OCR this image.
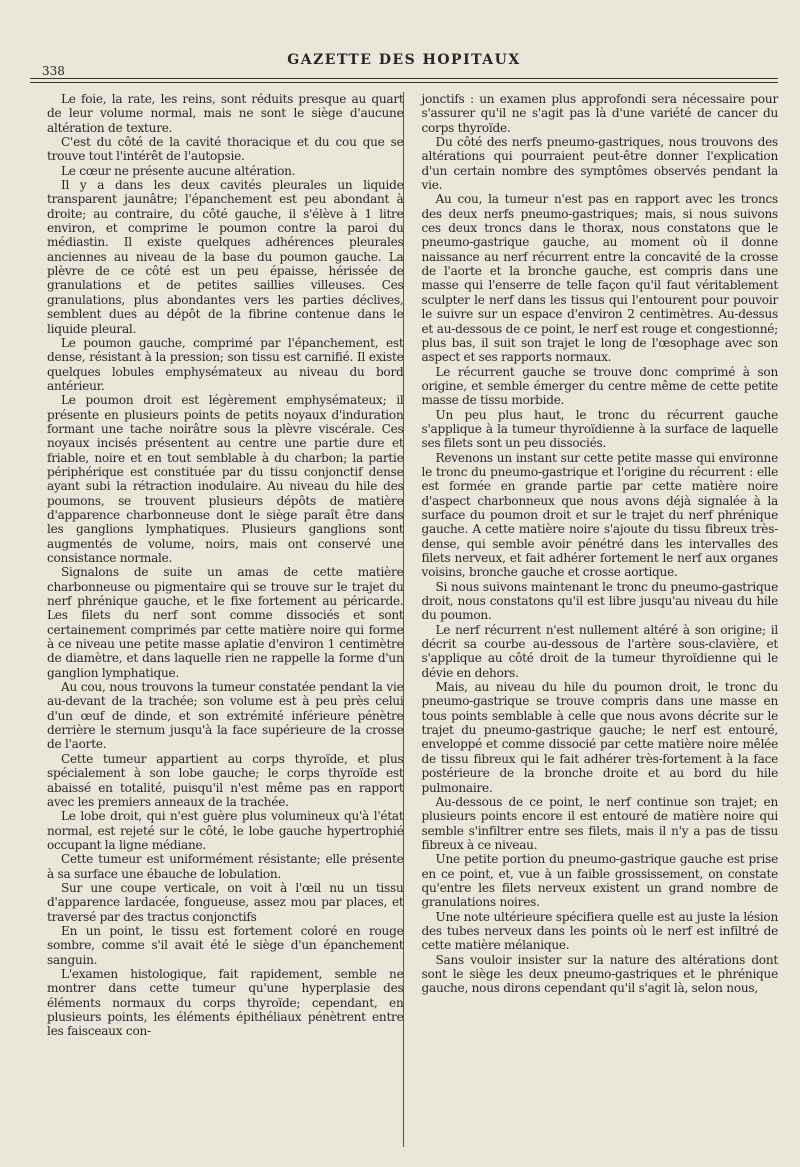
338
GAZETTE DES HOPITAUX

Le foie, la rate, les reins, sont réduits presque au quart de leur volume normal, mais ne sont le siège d'aucune altération de texture.

C'est du côté de la cavité thoracique et du cou que se trouve tout l'intérêt de l'autopsie.

Le cœur ne présente aucune altération.

Il y a dans les deux cavités pleurales un liquide transparent jaunâtre; l'épanchement est peu abondant à droite; au contraire, du côté gauche, il s'élève à 1 litre environ, et comprime le poumon contre la paroi du médiastin. Il existe quelques adhérences pleurales anciennes au niveau de la base du poumon gauche. La plèvre de ce côté est un peu épaisse, hérissée de granulations et de petites saillies villeuses. Ces granulations, plus abondantes vers les parties déclives, semblent dues au dépôt de la fibrine contenue dans le liquide pleural.

Le poumon gauche, comprimé par l'épanchement, est dense, résistant à la pression; son tissu est carnifié. Il existe quelques lobules emphysémateux au niveau du bord antérieur.

Le poumon droit est légèrement emphysémateux; il présente en plusieurs points de petits noyaux d'induration formant une tache noirâtre sous la plèvre viscérale. Ces noyaux incisés présentent au centre une partie dure et friable, noire et en tout semblable à du charbon; la partie périphérique est constituée par du tissu conjonctif dense ayant subi la rétraction inodulaire. Au niveau du hile des poumons, se trouvent plusieurs dépôts de matière d'apparence charbonneuse dont le siège paraît être dans les ganglions lymphatiques. Plusieurs ganglions sont augmentés de volume, noirs, mais ont conservé une consistance normale.

Signalons de suite un amas de cette matière charbonneuse ou pigmentaire qui se trouve sur le trajet du nerf phrénique gauche, et le fixe fortement au péricarde. Les filets du nerf sont comme dissociés et sont certainement comprimés par cette matière noire qui forme à ce niveau une petite masse aplatie d'environ 1 centimètre de diamètre, et dans laquelle rien ne rappelle la forme d'un ganglion lymphatique.

Au cou, nous trouvons la tumeur constatée pendant la vie au-devant de la trachée; son volume est à peu près celui d'un œuf de dinde, et son extrémité inférieure pénètre derrière le sternum jusqu'à la face supérieure de la crosse de l'aorte.

Cette tumeur appartient au corps thyroïde, et plus spécialement à son lobe gauche; le corps thyroïde est abaissé en totalité, puisqu'il n'est même pas en rapport avec les premiers anneaux de la trachée.

Le lobe droit, qui n'est guère plus volumineux qu'à l'état normal, est rejeté sur le côté, le lobe gauche hypertrophié occupant la ligne médiane.

Cette tumeur est uniformément résistante; elle présente à sa surface une ébauche de lobulation.

Sur une coupe verticale, on voit à l'œil nu un tissu d'apparence lardacée, fongueuse, assez mou par places, et traversé par des tractus conjonctifs

En un point, le tissu est fortement coloré en rouge sombre, comme s'il avait été le siège d'un épanchement sanguin.

L'examen histologique, fait rapidement, semble ne montrer dans cette tumeur qu'une hyperplasie des éléments normaux du corps thyroïde; cependant, en plusieurs points, les éléments épithéliaux pénètrent entre les faisceaux con-

jonctifs : un examen plus approfondi sera nécessaire pour s'assurer qu'il ne s'agit pas là d'une variété de cancer du corps thyroïde.

Du côté des nerfs pneumo-gastriques, nous trouvons des altérations qui pourraient peut-être donner l'explication d'un certain nombre des symptômes observés pendant la vie.

Au cou, la tumeur n'est pas en rapport avec les troncs des deux nerfs pneumo-gastriques; mais, si nous suivons ces deux troncs dans le thorax, nous constatons que le pneumo-gastrique gauche, au moment où il donne naissance au nerf récurrent entre la concavité de la crosse de l'aorte et la bronche gauche, est compris dans une masse qui l'enserre de telle façon qu'il faut véritablement sculpter le nerf dans les tissus qui l'entourent pour pouvoir le suivre sur un espace d'environ 2 centimètres. Au-dessus et au-dessous de ce point, le nerf est rouge et congestionné; plus bas, il suit son trajet le long de l'œsophage avec son aspect et ses rapports normaux.

Le récurrent gauche se trouve donc comprimé à son origine, et semble émerger du centre même de cette petite masse de tissu morbide.

Un peu plus haut, le tronc du récurrent gauche s'applique à la tumeur thyroïdienne à la surface de laquelle ses filets sont un peu dissociés.

Revenons un instant sur cette petite masse qui environne le tronc du pneumo-gastrique et l'origine du récurrent : elle est formée en grande partie par cette matière noire d'aspect charbonneux que nous avons déjà signalée à la surface du poumon droit et sur le trajet du nerf phrénique gauche. A cette matière noire s'ajoute du tissu fibreux très-dense, qui semble avoir pénétré dans les intervalles des filets nerveux, et fait adhérer fortement le nerf aux organes voisins, bronche gauche et crosse aortique.

Si nous suivons maintenant le tronc du pneumo-gastrique droit, nous constatons qu'il est libre jusqu'au niveau du hile du poumon.

Le nerf récurrent n'est nullement altéré à son origine; il décrit sa courbe au-dessous de l'artère sous-clavière, et s'applique au côté droit de la tumeur thyroïdienne qui le dévie en dehors.

Mais, au niveau du hile du poumon droit, le tronc du pneumo-gastrique se trouve compris dans une masse en tous points semblable à celle que nous avons décrite sur le trajet du pneumo-gastrique gauche; le nerf est entouré, enveloppé et comme dissocié par cette matière noire mêlée de tissu fibreux qui le fait adhérer très-fortement à la face postérieure de la bronche droite et au bord du hile pulmonaire.

Au-dessous de ce point, le nerf continue son trajet; en plusieurs points encore il est entouré de matière noire qui semble s'infiltrer entre ses filets, mais il n'y a pas de tissu fibreux à ce niveau.

Une petite portion du pneumo-gastrique gauche est prise en ce point, et, vue à un faible grossissement, on constate qu'entre les filets nerveux existent un grand nombre de granulations noires.

Une note ultérieure spécifiera quelle est au juste la lésion des tubes nerveux dans les points où le nerf est infiltré de cette matière mélanique.

Sans vouloir insister sur la nature des altérations dont sont le siège les deux pneumo-gastriques et le phrénique gauche, nous dirons cependant qu'il s'agit là, selon nous,
